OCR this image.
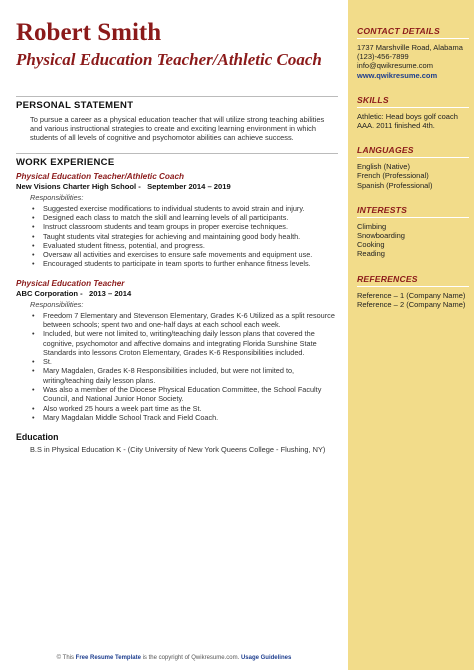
Robert Smith
Physical Education Teacher/Athletic Coach
PERSONAL STATEMENT
To pursue a career as a physical education teacher that will utilize strong teaching abilities and various instructional strategies to create and exciting learning environment in which students of all levels of cognitive and psychomotor abilities can achieve success.
WORK EXPERIENCE
Physical Education Teacher/Athletic Coach
New Visions Charter High School -   September 2014 – 2019
Responsibilities:
• Suggested exercise modifications to individual students to avoid strain and injury.
• Designed each class to match the skill and learning levels of all participants.
• Instruct classroom students and team groups in proper exercise techniques.
• Taught students vital strategies for achieving and maintaining good body health.
• Evaluated student fitness, potential, and progress.
• Oversaw all activities and exercises to ensure safe movements and equipment use.
• Encouraged students to participate in team sports to further enhance fitness levels.
Physical Education Teacher
ABC Corporation -   2013 – 2014
Responsibilities:
• Freedom 7 Elementary and Stevenson Elementary, Grades K-6 Utilized as a split resource between schools; spent two and one-half days at each school each week.
• Included, but were not limited to, writing/teaching daily lesson plans that covered the cognitive, psychomotor and affective domains and integrating Florida Sunshine State Standards into lessons Croton Elementary, Grades K-6 Responsibilities included.
• St.
• Mary Magdalen, Grades K-8 Responsibilities included, but were not limited to, writing/teaching daily lesson plans.
• Was also a member of the Diocese Physical Education Committee, the School Faculty Council, and National Junior Honor Society.
• Also worked 25 hours a week part time as the St.
• Mary Magdalan Middle School Track and Field Coach.
Education
B.S in Physical Education K - (City University of New York Queens College - Flushing, NY)
CONTACT DETAILS
1737 Marshville Road, Alabama
(123)-456-7899
info@qwikresume.com
www.qwikresume.com
SKILLS
Athletic: Head boys golf coach AAA. 2011 finished 4th.
LANGUAGES
English (Native)
French (Professional)
Spanish (Professional)
INTERESTS
Climbing
Snowboarding
Cooking
Reading
REFERENCES
Reference – 1 (Company Name)
Reference – 2 (Company Name)
© This Free Resume Template is the copyright of Qwikresume.com. Usage Guidelines
